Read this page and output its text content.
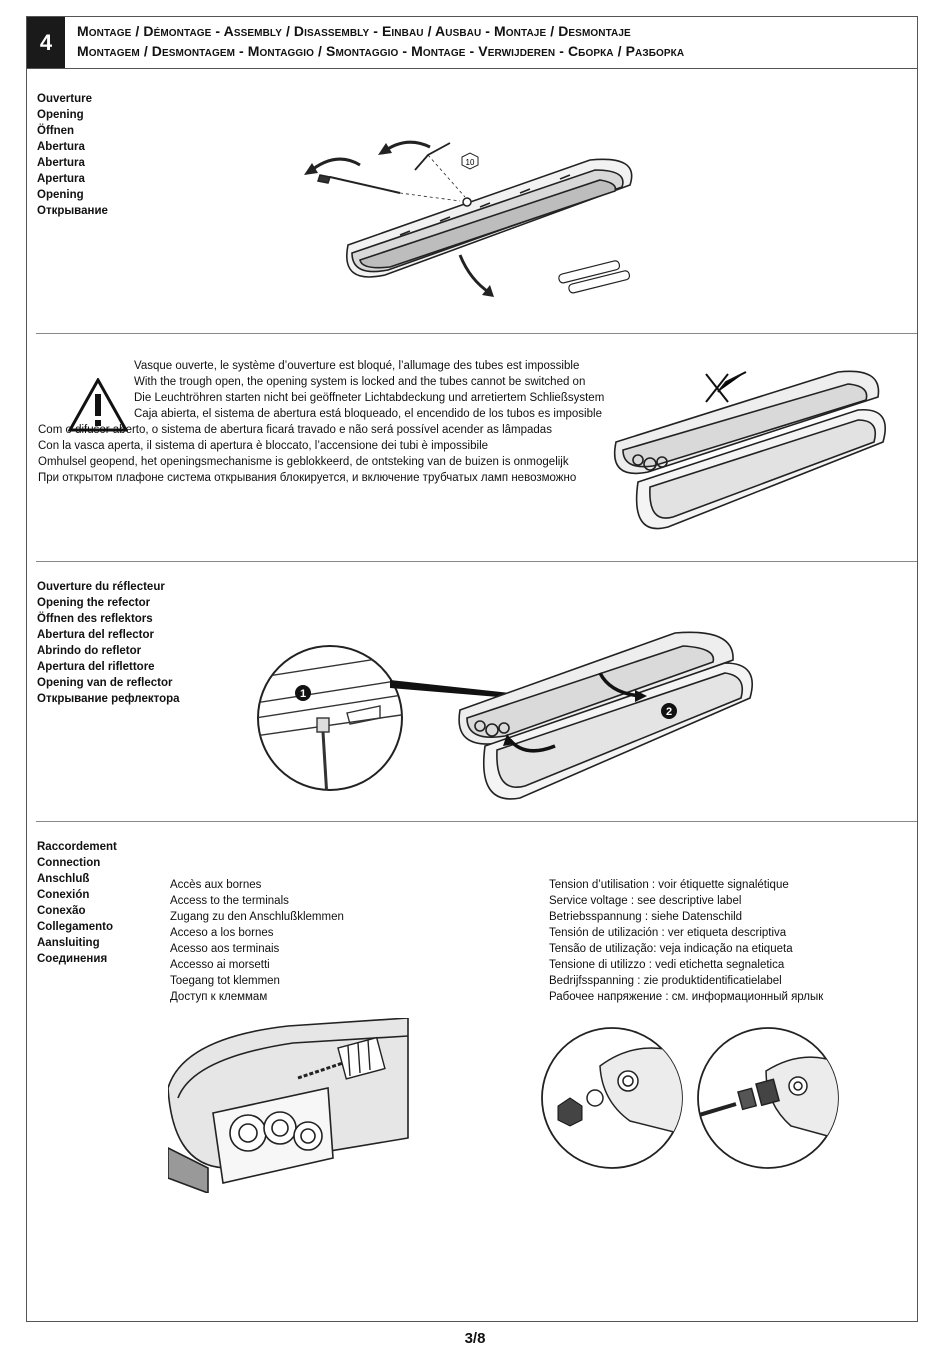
4	Montage / Démontage - Assembly / Disassembly - Einbau / Ausbau - Montaje / Desmontaje
Montagem / Desmontagem - Montaggio / Smontaggio - Montage - Verwijderen - Сборка / Разборка
Ouverture
Opening
Öffnen
Abertura
Abertura
Apertura
Opening
Открывание
10
Vasque ouverte, le système d’ouverture est bloqué, l’allumage des tubes est impossible
With the trough open, the opening system is locked and the tubes cannot be switched on
Die Leuchtröhren starten nicht bei geöffneter Lichtabdeckung und arretiertem Schließsystem
Caja abierta, el sistema de abertura está bloqueado, el encendido de los tubos es imposible
Com o difusor aberto, o sistema de abertura ficará travado e não será possível acender as lâmpadas
Con la vasca aperta, il sistema di apertura è bloccato, l’accensione dei tubi è impossibile
Omhulsel geopend, het openingsmechanisme is geblokkeerd, de ontsteking van de buizen is onmogelijk
При открытом плафоне система открывания блокируется, и включение трубчатых ламп невозможно
Ouverture du réflecteur
Opening the refector
Öffnen des reflektors
Abertura del reflector
Abrindo do refletor
Apertura del riflettore
Opening van de reflector
Открывание рефлектора	1
2
Raccordement
Connection
Anschluß
Conexión
Conexão
Collegamento
Aansluiting
Соединения
Accès aux bornes
Access to the terminals
Zugang zu den Anschlußklemmen
Acceso a los bornes
Acesso aos terminais
Accesso ai morsetti
Toegang tot klemmen
Доступ к клеммам
Tension d’utilisation : voir étiquette signalétique
Service voltage : see descriptive label
Betriebsspannung : siehe Datenschild
Tensión de utilización : ver etiqueta descriptiva
Tensão de utilização: veja indicação na etiqueta
Tensione di utilizzo : vedi etichetta segnaletica
Bedrijfsspanning : zie produktidentificatielabel
Рабочее напряжение : см. информационный ярлык
3/8
